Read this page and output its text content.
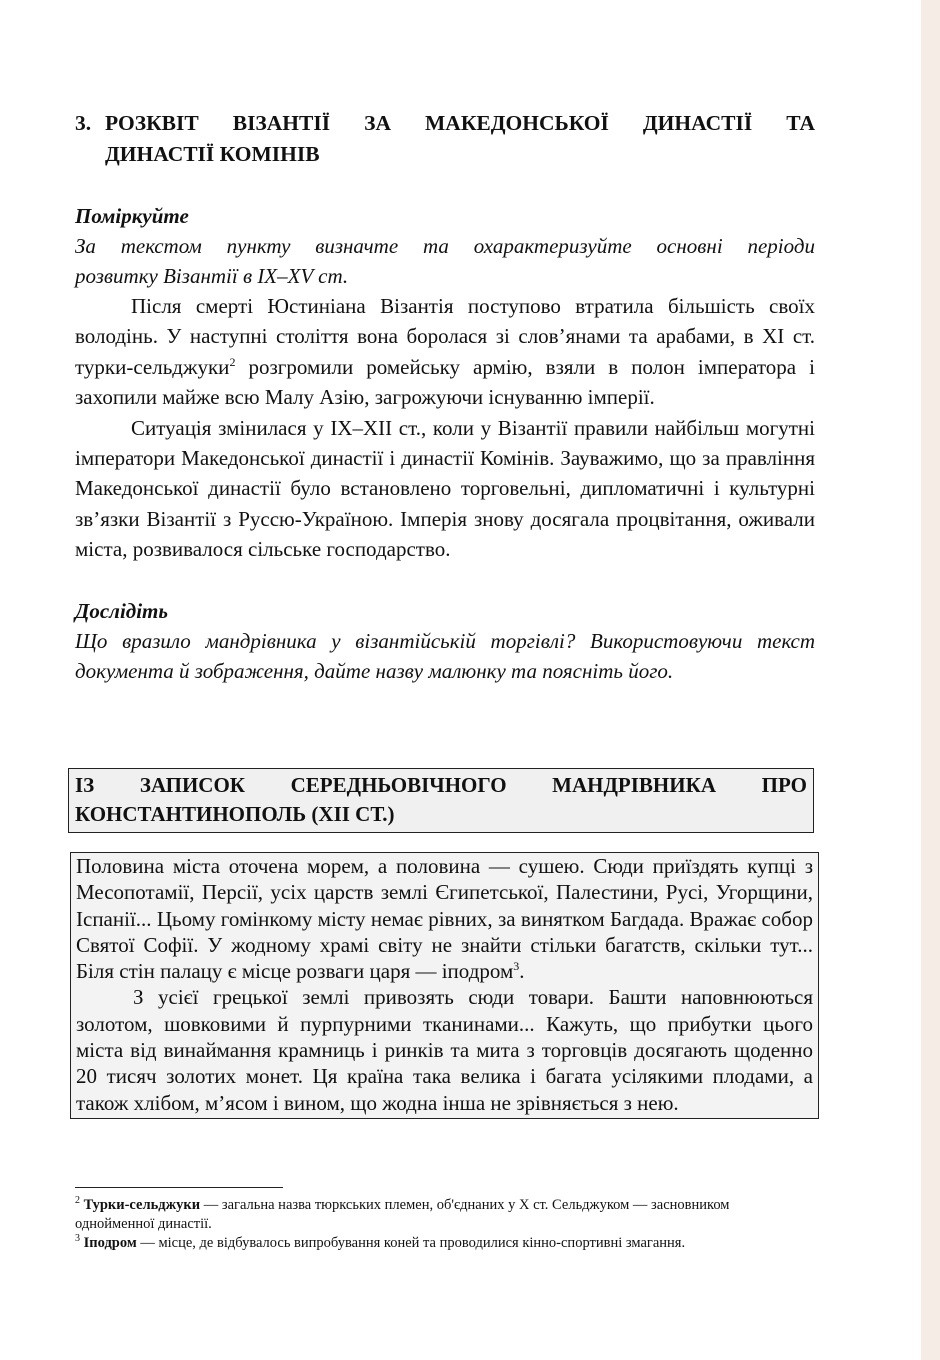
3. РОЗКВІТ ВІЗАНТІЇ ЗА МАКЕДОНСЬКОЇ ДИНАСТІЇ ТА
ДИНАСТІЇ КОМІНІВ
Поміркуйте
За текстом пункту визначте та охарактеризуйте основні періоди
розвитку Візантії в IX–XV ст.

Після смерті Юстиніана Візантія поступово втратила більшість своїх володінь. У наступні століття вона боролася зі слов’янами та арабами, в XI ст. турки-сельджуки$^2$ розгромили ромейську армію, взяли в полон імператора і захопили майже всю Малу Азію, загрожуючи існуванню імперії.

Ситуація змінилася у IX–XII ст., коли у Візантії правили найбільш могутні імператори Македонської династії і династії Комінів. Зауважимо, що за правління Македонської династії було встановлено торговельні, дипломатичні і культурні зв’язки Візантії з Руссю-Україною. Імперія знову досягала процвітання, оживали міста, розвивалося сільське господарство.

Дослідіть
Що вразило мандрівника у візантійській торгівлі? Використовуючи текст
документа й зображення, дайте назву малюнку та поясніть його.
ІЗ ЗАПИСОК СЕРЕДНЬОВІЧНОГО МАНДРІВНИКА ПРО
КОНСТАНТИНОПОЛЬ (XII СТ.)

Половина міста оточена морем, а половина — сушею. Сюди приїздять купці з Месопотамії, Персії, усіх царств землі Єгипетської, Палестини, Русі, Угорщини, Іспанії... Цьому гомінкому місту немає рівних, за винятком Багдада. Вражає собор Святої Софії. У жодному храмі світу не знайти стільки багатств, скільки тут... Біля стін палацу є місце розваги царя — іподром$^3$.

З усієї грецької землі привозять сюди товари. Башти наповнюються золотом, шовковими й пурпурними тканинами... Кажуть, що прибутки цього міста від винаймання крамниць і ринків та мита з торговців досягають щоденно 20 тисяч золотих монет. Ця країна така велика і багата усілякими плодами, а також хлібом, м’ясом і вином, що жодна інша не зрівняється з нею.

$^2$ Турки-сельджуки — загальна назва тюркських племен, об'єднаних у Х ст. Сельджуком — засновником однойменної династії.

$^3$ Іподром — місце, де відбувалось випробування коней та проводилися кінно-спортивні змагання.
